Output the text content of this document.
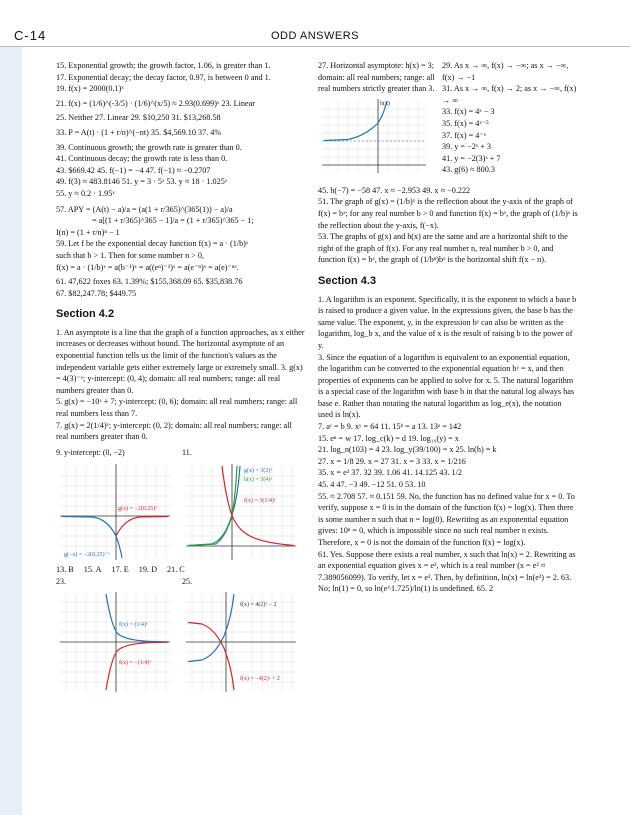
C-14	ODD ANSWERS

15. Exponential growth; the growth factor, 1.06, is greater than 1.

17. Exponential decay; the decay factor, 0.97, is between 0 and 1.

19. f(x) = 2000(0.1)ˣ

21. f(x) = (1/6)^(-3/5) · (1/6)^(x/5) ≈ 2.93(0.699)ˣ 23. Linear

25. Neither 27. Linear 29. $10,250 31. $13,268.58

33. P = A(t) · (1 + r/n)^(−nt) 35. $4,569.10 37. 4%

39. Continuous growth; the growth rate is greater than 0.

41. Continuous decay; the growth rate is less than 0.

43. $669.42 45. f(−1) = −4 47. f(−1) ≈ −0.2707

49. f(3) ≈ 483.8146 51. y = 3 · 5ˣ 53. y ≈ 18 · 1.025ˣ

55. y ≈ 0.2 · 1.95ˣ

57. APY = (A(t) − a)/a = (a(1 + r/365)^(365(1)) − a)/a

= a[(1 + r/365)^365 − 1]/a = (1 + r/365)^365 − 1;

I(n) = (1 + r/n)ⁿ − 1

59. Let f be the exponential decay function f(x) = a · (1/b)ˣ

such that b > 1. Then for some number n > 0,

f(x) = a · (1/b)ˣ = a(b⁻¹)ˣ = a((eⁿ)⁻¹)ˣ = a(e⁻ⁿ)ˣ = a(e)⁻ⁿˣ.

61. 47,622 foxes 63. 1.39%; $155,368.09 65. $35,838.76

67. $82,247.78; $449.75

Section 4.2

1. An asymptote is a line that the graph of a function approaches, as x either increases or decreases without bound. The horizontal asymptote of an exponential function tells us the limit of the function's values as the independent variable gets either extremely large or extremely small. 3. g(x) = 4(3)⁻ˣ; y-intercept: (0, 4); domain: all real numbers; range: all real numbers greater than 0.

5. g(x) = −10ˣ + 7; y-intercept: (0, 6); domain: all real numbers; range: all real numbers less than 7.

7. g(x) = 2(1/4)ˣ; y-intercept: (0, 2); domain: all real numbers; range: all real numbers greater than 0.

9. y-intercept: (0, −2)
g(x) = −2(0.25)ˣ
g(−x) = −2(0.25)⁻ˣ
11.
g(x) = 3(2)ˣ
h(x) = 3(4)ˣ
f(x) = 3(1/4)ˣ
13. B 15. A 17. E 19. D 21. C
23.
f(x) = (1/4)ˣ
f(x) = −(1/4)ˣ
25.
f(x) = 4(2)ˣ − 2
f(x) = −4(2)ˣ + 2

27. Horizontal asymptote: h(x) = 3; domain: all real numbers; range: all real numbers strictly greater than 3.

h(x)

29. As x → ∞, f(x) → −∞; as x → −∞, f(x) → −1

31. As x → ∞, f(x) → 2; as x → −∞, f(x) → ∞

33. f(x) = 4ˣ − 3

35. f(x) = 4ˣ⁻⁵

37. f(x) = 4⁻ˣ

39. y = −2ˣ + 3

41. y = −2(3)ˣ + 7

43. g(6) ≈ 800.3

45. h(−7) = −58 47. x ≈ −2.953 49. x ≈ −0.222

51. The graph of g(x) = (1/b)ˣ is the reflection about the y-axis of the graph of f(x) = bˣ; for any real number b > 0 and function f(x) = bˣ, the graph of (1/b)ˣ is the reflection about the y-axis, f(−x).

53. The graphs of g(x) and h(x) are the same and are a horizontal shift to the right of the graph of f(x). For any real number n, real number b > 0, and function f(x) = bˣ, the graph of (1/bⁿ)bˣ is the horizontal shift f(x − n).

Section 4.3

1. A logarithm is an exponent. Specifically, it is the exponent to which a base b is raised to produce a given value. In the expressions given, the base b has the same value. The exponent, y, in the expression bʸ can also be written as the logarithm, log_b x, and the value of x is the result of raising b to the power of y.

3. Since the equation of a logarithm is equivalent to an exponential equation, the logarithm can be converted to the exponential equation bʸ = x, and then properties of exponents can be applied to solve for x. 5. The natural logarithm is a special case of the logarithm with base b in that the natural log always has base e. Rather than notating the natural logarithm as log_e(x), the notation used is ln(x).

7. aᶜ = b 9. xʸ = 64 11. 15ᵇ = a 13. 13ᵃ = 142

15. eⁿ = w 17. log_c(k) = d 19. log₁₉(y) = x

21. log_n(103) = 4 23. log_y(39/100) = x 25. ln(h) = k

27. x = 1/8 29. x = 27 31. x = 3 33. x = 1/216

35. x = e² 37. 32 39. 1.06 41. 14.125 43. 1/2

45. 4 47. −3 49. −12 51. 0 53. 10

55. ≈ 2.708 57. ≈ 0.151 59. No, the function has no defined value for x = 0. To verify, suppose x = 0 is in the domain of the function f(x) = log(x). Then there is some number n such that n = log(0). Rewriting as an exponential equation gives: 10ⁿ = 0, which is impossible since no such real number n exists. Therefore, x = 0 is not the domain of the function f(x) = log(x).

61. Yes. Suppose there exists a real number, x such that ln(x) = 2. Rewriting as an exponential equation gives x = e², which is a real number (x = e² ≈ 7.389056099). To verify, let x = e². Then, by definition, ln(x) = ln(e²) = 2. 63. No; ln(1) = 0, so ln(e^1.725)/ln(1) is undefined. 65. 2
